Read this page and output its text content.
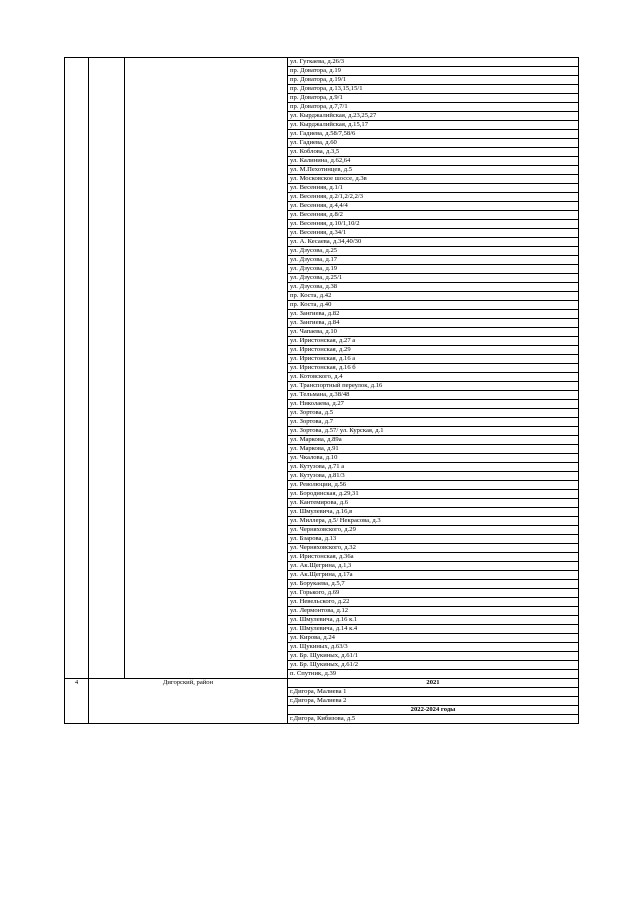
			ул. Гугкаева, д.26/3
			пр. Доватора, д.19
			пр. Доватора, д.19/1
			пр. Доватора, д.13,15,15/1
			пр. Доватора, д.9/1
			пр. Доватора, д.7,7/1
			ул. Кырджалийская, д.23,25,27
			ул. Кырджалийская, д.15,17
			ул. Гадиева, д.58/7,58/6
			ул. Гадиева, д.60
			ул. Коблова, д.3,5
			ул. Калинина, д.62,64
			ул. М.Пехотинцев, д.5
			ул. Московское шоссе, д.3в
			ул. Весенняя, д.1/1
			ул. Весенняя, д.2/1,2/2,2/3
			ул. Весенняя, д.4,4/4
			ул. Весенняя, д.8/2
			ул. Весенняя, д.10/1,10/2
			ул. Весенняя, д.34/1
			ул. А. Кесаева, д.34,40/30
			ул. Дзусова, д.25
			ул. Дзусова, д.17
			ул. Дзусова, д.19
			ул. Дзусова, д.25/1
			ул. Дзусова, д.38
			пр. Коста, д.42
			пр. Коста, д.40
			ул. Зангиева, д.82
			ул. Зангиева, д.84
			ул. Чапаева, д.10
			ул. Иристонская, д.27 а
			ул. Иристонская, д.29
			ул. Иристонская, д.16 а
			ул. Иристонская, д.16 б
			ул. Котовского, д.4
			ул. Транспортный переулок, д.16
			ул. Тельмана, д.38/48
			ул. Николаева, д.27
			ул. Зортова, д.5
			ул. Зортова, д.7
			ул. Зортова, д.57/ ул. Курская, д.1
			ул. Маркова, д.89а
			ул. Маркова, д.91
			ул. Чкалова, д.10
			ул. Кутузова, д.71 а
			ул. Кутузова, д.81/3
			ул. Революции, д.56
			ул. Бородинская, д.29,31
			ул. Кантемирова, д.6
			ул. Шмулевича, д.16,в
			ул. Миллера, д.5/ Некрасова, д.3
			ул. Черняховского, д.29
			ул. Бзарова, д.13
			ул. Черняховского, д.32
			ул. Иристонская, д.36а
			ул. Ак.Щегрина, д.1,3
			ул. Ак.Щегрина, д.17а
			ул. Борукаева, д.5,7
			ул. Горького, д.69
			ул. Невельского, д.22
			ул. Лермонтова, д.12
			ул. Шмулевича, д.16 к.1
			ул. Шмулевича, д.14 к.4
			ул. Кирова, д.24
			ул. Щукиных, д.63/3
			ул. Бр. Щукиных, д.61/1
			ул. Бр. Щукиных, д.61/2
			п. Спутник, д.39
4	Дигорский, район		2021
			г.Дигора, Малиева 1
			г.Дигора, Малиева 2
			2022-2024 годы
			г.Дигора, Кибизова, д.5
